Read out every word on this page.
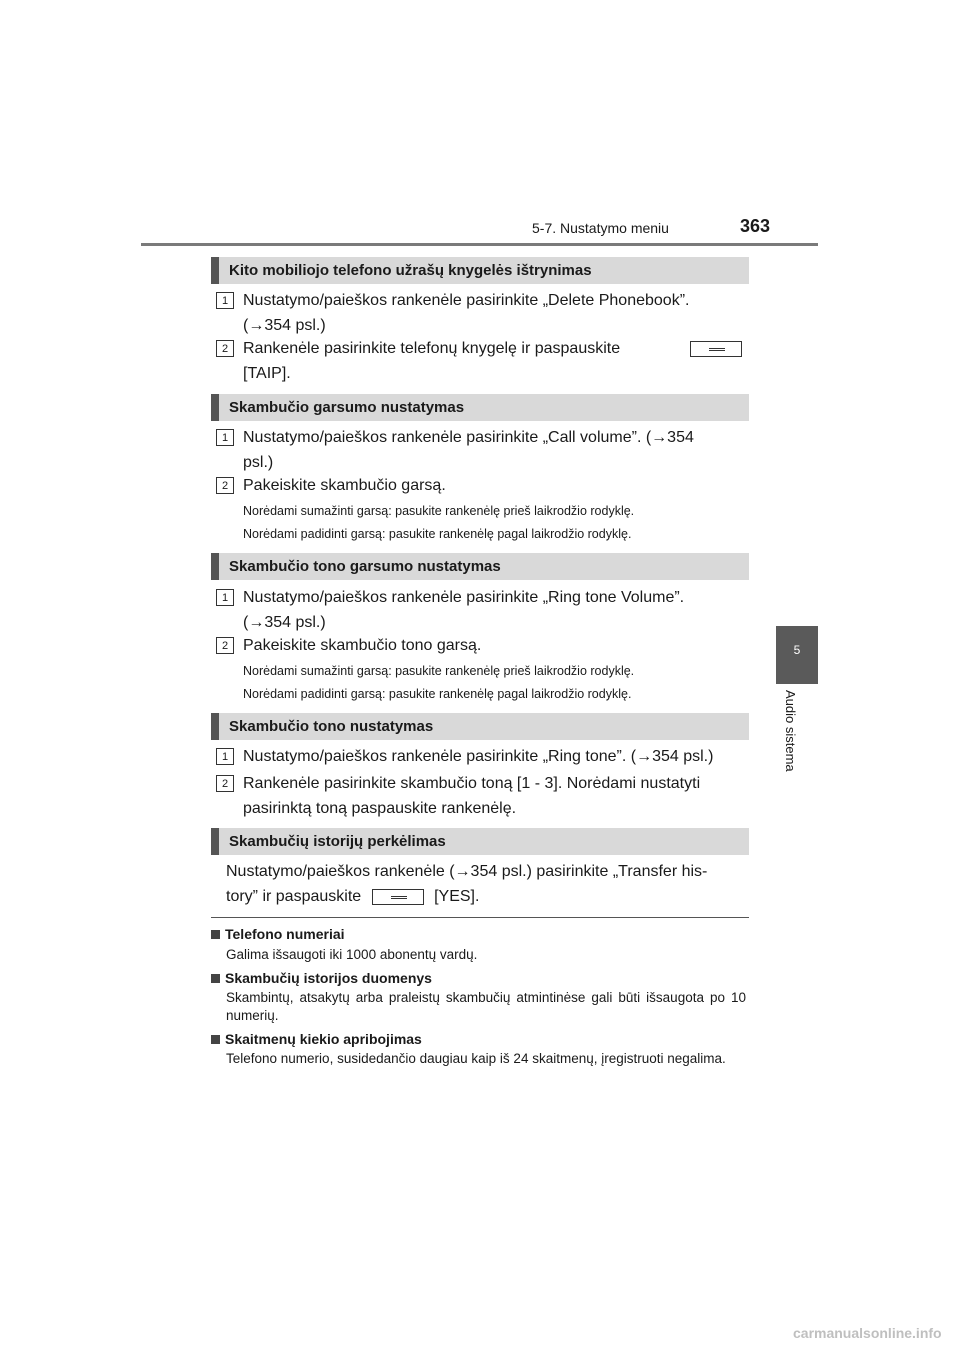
5-7. Nustatymo meniu	363
5
Audio sistema
Kito mobiliojo telefono užrašų knygelės ištrynimas
1 Nustatymo/paieškos rankenėle pasirinkite „Delete Phonebook”.
(→354 psl.)
2 Rankenėle pasirinkite telefonų knygelę ir paspauskite
[TAIP].
Skambučio garsumo nustatymas
1 Nustatymo/paieškos rankenėle pasirinkite „Call volume”. (→354
psl.)
2 Pakeiskite skambučio garsą.
Norėdami sumažinti garsą: pasukite rankenėlę prieš laikrodžio rodyklę.
Norėdami padidinti garsą: pasukite rankenėlę pagal laikrodžio rodyklę.
Skambučio tono garsumo nustatymas
1 Nustatymo/paieškos rankenėle pasirinkite „Ring tone Volume”.
(→354 psl.)
2 Pakeiskite skambučio tono garsą.
Norėdami sumažinti garsą: pasukite rankenėlę prieš laikrodžio rodyklę.
Norėdami padidinti garsą: pasukite rankenėlę pagal laikrodžio rodyklę.
Skambučio tono nustatymas
1 Nustatymo/paieškos rankenėle pasirinkite „Ring tone”. (→354 psl.)
2 Rankenėle pasirinkite skambučio toną [1 - 3]. Norėdami nustatyti
pasirinktą toną paspauskite rankenėlę.
Skambučių istorijų perkėlimas
Nustatymo/paieškos rankenėle (→354 psl.) pasirinkite „Transfer his-
tory” ir paspauskite	[YES].
Telefono numeriai
Galima išsaugoti iki 1000 abonentų vardų.
Skambučių istorijos duomenys
Skambintų, atsakytų arba praleistų skambučių atmintinėse gali būti išsaugota po 10 numerių.
Skaitmenų kiekio apribojimas
Telefono numerio, susidedančio daugiau kaip iš 24 skaitmenų, įregistruoti negalima.
carmanualsonline.info
